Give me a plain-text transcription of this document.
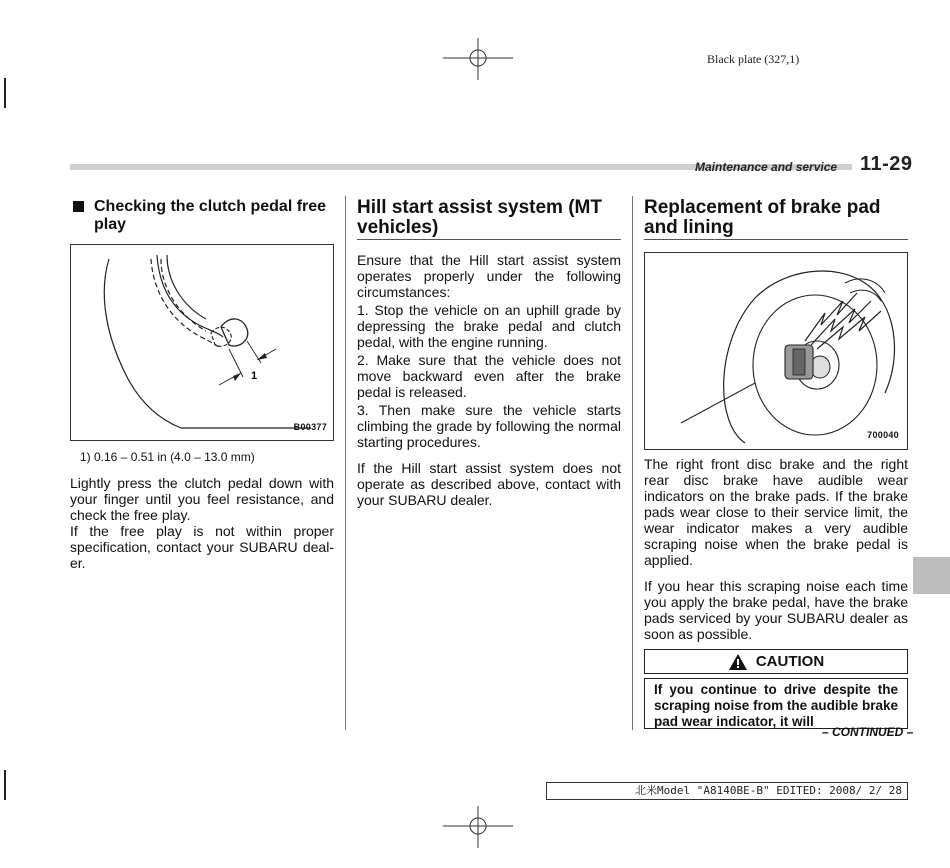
Black plate (327,1)
Maintenance and service 11-29
Checking the clutch pedal free play
1
B00377
1) 0.16 – 0.51 in (4.0 – 13.0 mm)

Lightly press the clutch pedal down with your finger until you feel resistance, and check the free play.

If the free play is not within proper specification, contact your SUBARU deal-er.

Hill start assist system (MT vehicles)

Ensure that the Hill start assist system operates properly under the following circumstances:

1. Stop the vehicle on an uphill grade by depressing the brake pedal and clutch pedal, with the engine running.

2. Make sure that the vehicle does not move backward even after the brake pedal is released.

3. Then make sure the vehicle starts climbing the grade by following the normal starting procedures.

If the Hill start assist system does not operate as described above, contact with your SUBARU dealer.

Replacement of brake pad and lining
700040

The right front disc brake and the right rear disc brake have audible wear indicators on the brake pads. If the brake pads wear close to their service limit, the wear indicator makes a very audible scraping noise when the brake pedal is applied.

If you hear this scraping noise each time you apply the brake pedal, have the brake pads serviced by your SUBARU dealer as soon as possible.

CAUTION
If you continue to drive despite the scraping noise from the audible brake pad wear indicator, it will
– CONTINUED –
北米Model "A8140BE-B" EDITED: 2008/ 2/ 28
